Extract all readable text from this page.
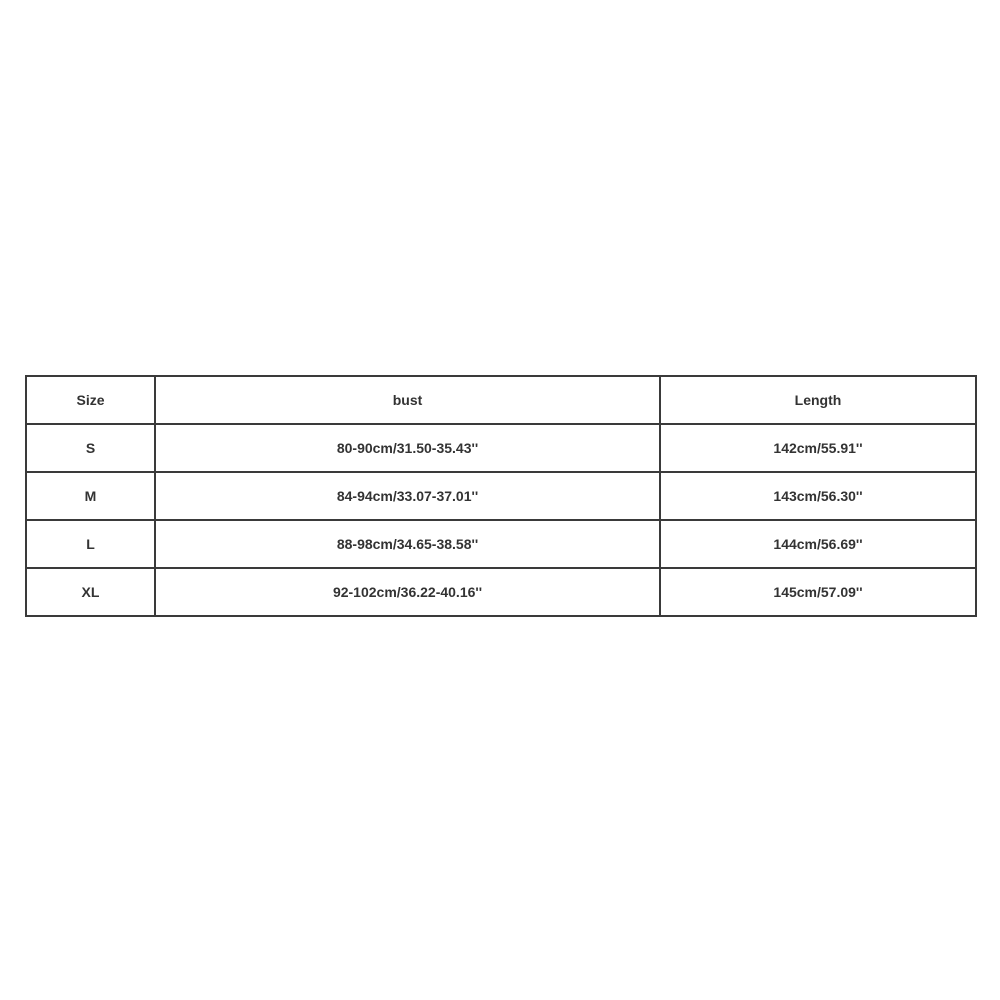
Size	bust	Length
S	80-90cm/31.50-35.43''	142cm/55.91''
M	84-94cm/33.07-37.01''	143cm/56.30''
L	88-98cm/34.65-38.58''	144cm/56.69''
XL	92-102cm/36.22-40.16''	145cm/57.09''
